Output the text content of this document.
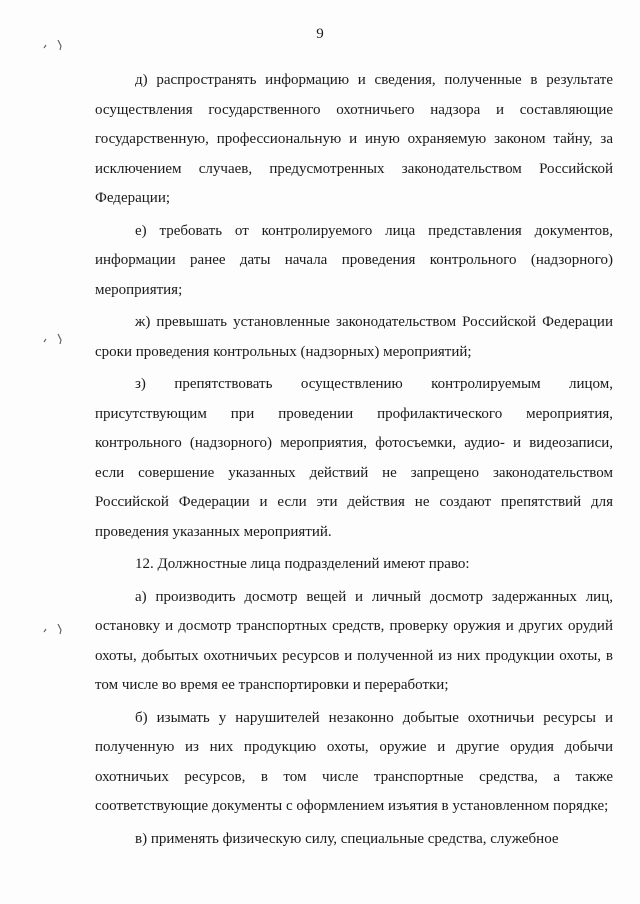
9

д) распространять информацию и сведения, полученные в результате осуществления государственного охотничьего надзора и составляющие государственную, профессиональную и иную охраняемую законом тайну, за исключением случаев, предусмотренных законодательством Российской Федерации;

е) требовать от контролируемого лица представления документов, информации ранее даты начала проведения контрольного (надзорного) мероприятия;

ж) превышать установленные законодательством Российской Федерации сроки проведения контрольных (надзорных) мероприятий;

з) препятствовать осуществлению контролируемым лицом, присутствующим при проведении профилактического мероприятия, контрольного (надзорного) мероприятия, фотосъемки, аудио- и видеозаписи, если совершение указанных действий не запрещено законодательством Российской Федерации и если эти действия не создают препятствий для проведения указанных мероприятий.

12. Должностные лица подразделений имеют право:

а) производить досмотр вещей и личный досмотр задержанных лиц, остановку и досмотр транспортных средств, проверку оружия и других орудий охоты, добытых охотничьих ресурсов и полученной из них продукции охоты, в том числе во время ее транспортировки и переработки;

б) изымать у нарушителей незаконно добытые охотничьи ресурсы и полученную из них продукцию охоты, оружие и другие орудия добычи охотничьих ресурсов, в том числе транспортные средства, а также соответствующие документы с оформлением изъятия в установленном порядке;

в) применять физическую силу, специальные средства, служебное
